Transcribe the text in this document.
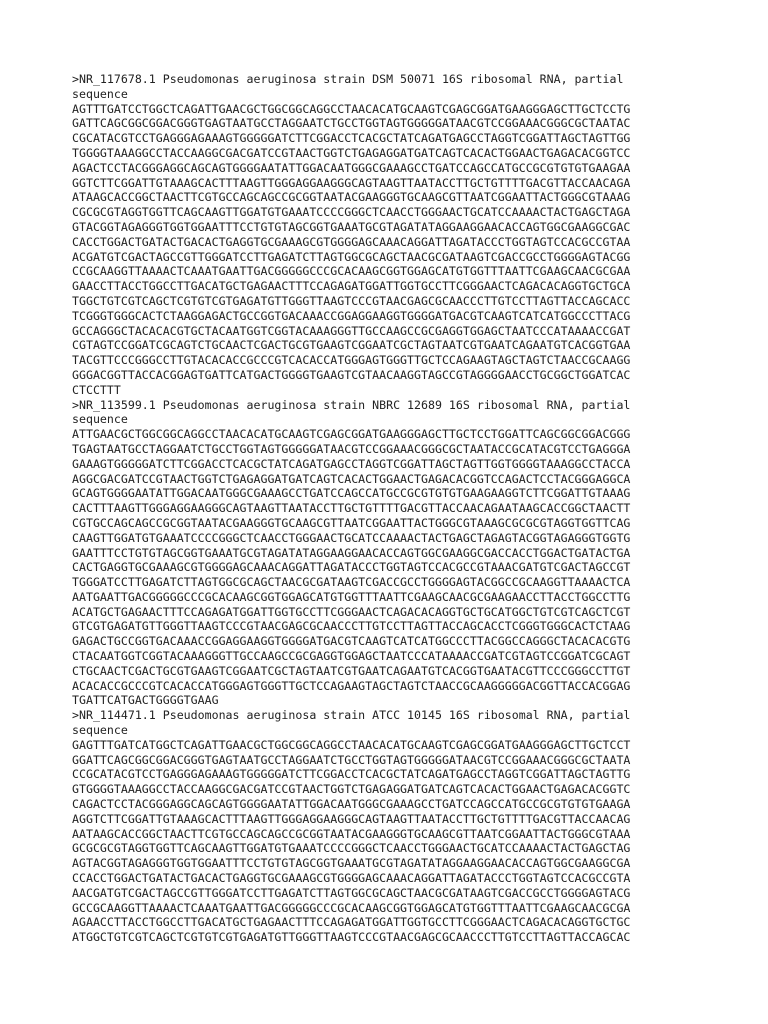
>NR_117678.1 Pseudomonas aeruginosa strain DSM 50071 16S ribosomal RNA, partial
sequence
AGTTTGATCCTGGCTCAGATTGAACGCTGGCGGCAGGCCTAACACATGCAAGTCGAGCGGATGAAGGGAGCTTGCTCCTG
GATTCAGCGGCGGACGGGTGAGTAATGCCTAGGAATCTGCCTGGTAGTGGGGGATAACGTCCGGAAACGGGCGCTAATAC
CGCATACGTCCTGAGGGAGAAAGTGGGGGATCTTCGGACCTCACGCTATCAGATGAGCCTAGGTCGGATTAGCTAGTTGG
TGGGGTAAAGGCCTACCAAGGCGACGATCCGTAACTGGTCTGAGAGGATGATCAGTCACACTGGAACTGAGACACGGTCC
AGACTCCTACGGGAGGCAGCAGTGGGGAATATTGGACAATGGGCGAAAGCCTGATCCAGCCATGCCGCGTGTGTGAAGAA
GGTCTTCGGATTGTAAAGCACTTTAAGTTGGGAGGAAGGGCAGTAAGTTAATACCTTGCTGTTTTGACGTTACCAACAGA
ATAAGCACCGGCTAACTTCGTGCCAGCAGCCGCGGTAATACGAAGGGTGCAAGCGTTAATCGGAATTACTGGGCGTAAAG
CGCGCGTAGGTGGTTCAGCAAGTTGGATGTGAAATCCCCGGGCTCAACCTGGGAACTGCATCCAAAACTACTGAGCTAGA
GTACGGTAGAGGGTGGTGGAATTTCCTGTGTAGCGGTGAAATGCGTAGATATAGGAAGGAACACCAGTGGCGAAGGCGAC
CACCTGGACTGATACTGACACTGAGGTGCGAAAGCGTGGGGAGCAAACAGGATTAGATACCCTGGTAGTCCACGCCGTAA
ACGATGTCGACTAGCCGTTGGGATCCTTGAGATCTTAGTGGCGCAGCTAACGCGATAAGTCGACCGCCTGGGGAGTACGG
CCGCAAGGTTAAAACTCAAATGAATTGACGGGGGCCCGCACAAGCGGTGGAGCATGTGGTTTAATTCGAAGCAACGCGAA
GAACCTTACCTGGCCTTGACATGCTGAGAACTTTCCAGAGATGGATTGGTGCCTTCGGGAACTCAGACACAGGTGCTGCA
TGGCTGTCGTCAGCTCGTGTCGTGAGATGTTGGGTTAAGTCCCGTAACGAGCGCAACCCTTGTCCTTAGTTACCAGCACC
TCGGGTGGGCACTCTAAGGAGACTGCCGGTGACAAACCGGAGGAAGGTGGGGATGACGTCAAGTCATCATGGCCCTTACG
GCCAGGGCTACACACGTGCTACAATGGTCGGTACAAAGGGTTGCCAAGCCGCGAGGTGGAGCTAATCCCATAAAACCGAT
CGTAGTCCGGATCGCAGTCTGCAACTCGACTGCGTGAAGTCGGAATCGCTAGTAATCGTGAATCAGAATGTCACGGTGAA
TACGTTCCCGGGCCTTGTACACACCGCCCGTCACACCATGGGAGTGGGTTGCTCCAGAAGTAGCTAGTCTAACCGCAAGG
GGGACGGTTACCACGGAGTGATTCATGACTGGGGTGAAGTCGTAACAAGGTAGCCGTAGGGGAACCTGCGGCTGGATCAC
CTCCTTT
>NR_113599.1 Pseudomonas aeruginosa strain NBRC 12689 16S ribosomal RNA, partial
sequence
ATTGAACGCTGGCGGCAGGCCTAACACATGCAAGTCGAGCGGATGAAGGGAGCTTGCTCCTGGATTCAGCGGCGGACGGG
TGAGTAATGCCTAGGAATCTGCCTGGTAGTGGGGGATAACGTCCGGAAACGGGCGCTAATACCGCATACGTCCTGAGGGA
GAAAGTGGGGGATCTTCGGACCTCACGCTATCAGATGAGCCTAGGTCGGATTAGCTAGTTGGTGGGGTAAAGGCCTACCA
AGGCGACGATCCGTAACTGGTCTGAGAGGATGATCAGTCACACTGGAACTGAGACACGGTCCAGACTCCTACGGGAGGCA
GCAGTGGGGAATATTGGACAATGGGCGAAAGCCTGATCCAGCCATGCCGCGTGTGTGAAGAAGGTCTTCGGATTGTAAAG
CACTTTAAGTTGGGAGGAAGGGCAGTAAGTTAATACCTTGCTGTTTTGACGTTACCAACAGAATAAGCACCGGCTAACTT
CGTGCCAGCAGCCGCGGTAATACGAAGGGTGCAAGCGTTAATCGGAATTACTGGGCGTAAAGCGCGCGTAGGTGGTTCAG
CAAGTTGGATGTGAAATCCCCGGGCTCAACCTGGGAACTGCATCCAAAACTACTGAGCTAGAGTACGGTAGAGGGTGGTG
GAATTTCCTGTGTAGCGGTGAAATGCGTAGATATAGGAAGGAACACCAGTGGCGAAGGCGACCACCTGGACTGATACTGA
CACTGAGGTGCGAAAGCGTGGGGAGCAAACAGGATTAGATACCCTGGTAGTCCACGCCGTAAACGATGTCGACTAGCCGT
TGGGATCCTTGAGATCTTAGTGGCGCAGCTAACGCGATAAGTCGACCGCCTGGGGAGTACGGCCGCAAGGTTAAAACTCA
AATGAATTGACGGGGGCCCGCACAAGCGGTGGAGCATGTGGTTTAATTCGAAGCAACGCGAAGAACCTTACCTGGCCTTG
ACATGCTGAGAACTTTCCAGAGATGGATTGGTGCCTTCGGGAACTCAGACACAGGTGCTGCATGGCTGTCGTCAGCTCGT
GTCGTGAGATGTTGGGTTAAGTCCCGTAACGAGCGCAACCCTTGTCCTTAGTTACCAGCACCTCGGGTGGGCACTCTAAG
GAGACTGCCGGTGACAAACCGGAGGAAGGTGGGGATGACGTCAAGTCATCATGGCCCTTACGGCCAGGGCTACACACGTG
CTACAATGGTCGGTACAAAGGGTTGCCAAGCCGCGAGGTGGAGCTAATCCCATAAAACCGATCGTAGTCCGGATCGCAGT
CTGCAACTCGACTGCGTGAAGTCGGAATCGCTAGTAATCGTGAATCAGAATGTCACGGTGAATACGTTCCCGGGCCTTGT
ACACACCGCCCGTCACACCATGGGAGTGGGTTGCTCCAGAAGTAGCTAGTCTAACCGCAAGGGGGACGGTTACCACGGAG
TGATTCATGACTGGGGTGAAG
>NR_114471.1 Pseudomonas aeruginosa strain ATCC 10145 16S ribosomal RNA, partial
sequence
GAGTTTGATCATGGCTCAGATTGAACGCTGGCGGCAGGCCTAACACATGCAAGTCGAGCGGATGAAGGGAGCTTGCTCCT
GGATTCAGCGGCGGACGGGTGAGTAATGCCTAGGAATCTGCCTGGTAGTGGGGGATAACGTCCGGAAACGGGCGCTAATA
CCGCATACGTCCTGAGGGAGAAAGTGGGGGATCTTCGGACCTCACGCTATCAGATGAGCCTAGGTCGGATTAGCTAGTTG
GTGGGGTAAAGGCCTACCAAGGCGACGATCCGTAACTGGTCTGAGAGGATGATCAGTCACACTGGAACTGAGACACGGTC
CAGACTCCTACGGGAGGCAGCAGTGGGGAATATTGGACAATGGGCGAAAGCCTGATCCAGCCATGCCGCGTGTGTGAAGA
AGGTCTTCGGATTGTAAAGCACTTTAAGTTGGGAGGAAGGGCAGTAAGTTAATACCTTGCTGTTTTGACGTTACCAACAG
AATAAGCACCGGCTAACTTCGTGCCAGCAGCCGCGGTAATACGAAGGGTGCAAGCGTTAATCGGAATTACTGGGCGTAAA
GCGCGCGTAGGTGGTTCAGCAAGTTGGATGTGAAATCCCCGGGCTCAACCTGGGAACTGCATCCAAAACTACTGAGCTAG
AGTACGGTAGAGGGTGGTGGAATTTCCTGTGTAGCGGTGAAATGCGTAGATATAGGAAGGAACACCAGTGGCGAAGGCGA
CCACCTGGACTGATACTGACACTGAGGTGCGAAAGCGTGGGGAGCAAACAGGATTAGATACCCTGGTAGTCCACGCCGTA
AACGATGTCGACTAGCCGTTGGGATCCTTGAGATCTTAGTGGCGCAGCTAACGCGATAAGTCGACCGCCTGGGGAGTACG
GCCGCAAGGTTAAAACTCAAATGAATTGACGGGGGCCCGCACAAGCGGTGGAGCATGTGGTTTAATTCGAAGCAACGCGA
AGAACCTTACCTGGCCTTGACATGCTGAGAACTTTCCAGAGATGGATTGGTGCCTTCGGGAACTCAGACACAGGTGCTGC
ATGGCTGTCGTCAGCTCGTGTCGTGAGATGTTGGGTTAAGTCCCGTAACGAGCGCAACCCTTGTCCTTAGTTACCAGCAC
